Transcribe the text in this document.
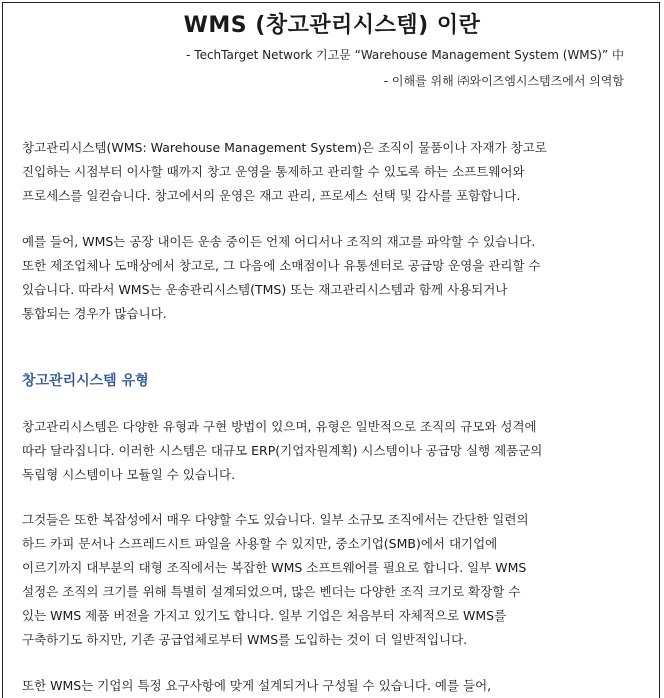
WMS (창고관리시스템) 이란
- TechTarget Network 기고문 “Warehouse Management System (WMS)” 中
- 이해를 위해 ㈜와이즈엠시스템즈에서 의역함
창고관리시스템(WMS: Warehouse Management System)은 조직이 물품이나 자재가 창고로
진입하는 시점부터 이사할 때까지 창고 운영을 통제하고 관리할 수 있도록 하는 소프트웨어와
프로세스를 일컫습니다. 창고에서의 운영은 재고 관리, 프로세스 선택 및 감사를 포함합니다.
예를 들어, WMS는 공장 내이든 운송 중이든 언제 어디서나 조직의 재고를 파악할 수 있습니다.
또한 제조업체나 도매상에서 창고로, 그 다음에 소매점이나 유통센터로 공급망 운영을 관리할 수
있습니다. 따라서 WMS는 운송관리시스템(TMS) 또는 재고관리시스템과 함께 사용되거나
통합되는 경우가 많습니다.
창고관리시스템 유형
창고관리시스템은 다양한 유형과 구현 방법이 있으며, 유형은 일반적으로 조직의 규모와 성격에
따라 달라집니다. 이러한 시스템은 대규모 ERP(기업자원계획) 시스템이나 공급망 실행 제품군의
독립형 시스템이나 모듈일 수 있습니다.
그것들은 또한 복잡성에서 매우 다양할 수도 있습니다. 일부 소규모 조직에서는 간단한 일련의
하드 카피 문서나 스프레드시트 파일을 사용할 수 있지만, 중소기업(SMB)에서 대기업에
이르기까지 대부분의 대형 조직에서는 복잡한 WMS 소프트웨어를 필요로 합니다. 일부 WMS
설정은 조직의 크기를 위해 특별히 설계되었으며, 많은 벤더는 다양한 조직 크기로 확장할 수
있는 WMS 제품 버전을 가지고 있기도 합니다. 일부 기업은 처음부터 자체적으로 WMS를
구축하기도 하지만, 기존 공급업체로부터 WMS를 도입하는 것이 더 일반적입니다.
또한 WMS는 기업의 특정 요구사항에 맞게 설계되거나 구성될 수 있습니다. 예를 들어,
